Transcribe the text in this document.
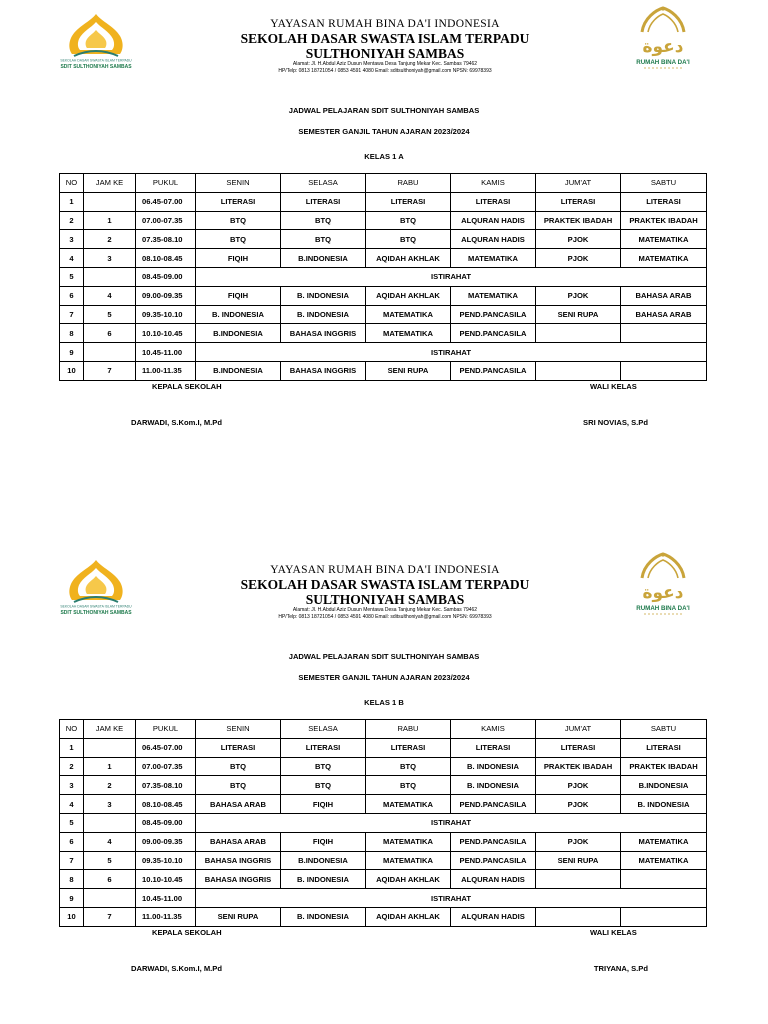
SEKOLAH DASAR SWASTA ISLAM TERPADU
SDIT SULTHONIYAH SAMBAS
YAYASAN RUMAH BINA DA'I INDONESIA
SEKOLAH DASAR SWASTA ISLAM TERPADU
SULTHONIYAH SAMBAS
Alamat: Jl. H.Abdul Aziz Dusun Mentawa Desa Tanjung Mekar Kec. Sambas 79462
HP/Telp: 0813 18721054 / 0853 4591 4080 Email: sditsulthoniyah@gmail.com NPSN: 69978393
دعوة
RUMAH BINA DA'I
JADWAL PELAJARAN SDIT SULTHONIYAH SAMBAS
SEMESTER GANJIL TAHUN AJARAN 2023/2024
KELAS 1 A
NO	JAM KE	PUKUL	SENIN	SELASA	RABU	KAMIS	JUM'AT	SABTU
1		06.45-07.00	LITERASI	LITERASI	LITERASI	LITERASI	LITERASI	LITERASI
2	1	07.00-07.35	BTQ	BTQ	BTQ	ALQURAN HADIS	PRAKTEK IBADAH	PRAKTEK IBADAH
3	2	07.35-08.10	BTQ	BTQ	BTQ	ALQURAN HADIS	PJOK	MATEMATIKA
4	3	08.10-08.45	FIQIH	B.INDONESIA	AQIDAH AKHLAK	MATEMATIKA	PJOK	MATEMATIKA
5		08.45-09.00	ISTIRAHAT					
6	4	09.00-09.35	FIQIH	B. INDONESIA	AQIDAH AKHLAK	MATEMATIKA	PJOK	BAHASA ARAB
7	5	09.35-10.10	B. INDONESIA	B. INDONESIA	MATEMATIKA	PEND.PANCASILA	SENI RUPA	BAHASA ARAB
8	6	10.10-10.45	B.INDONESIA	BAHASA INGGRIS	MATEMATIKA	PEND.PANCASILA		
9		10.45-11.00	ISTIRAHAT					
10	7	11.00-11.35	B.INDONESIA	BAHASA INGGRIS	SENI RUPA	PEND.PANCASILA		
KEPALA SEKOLAH	WALI KELAS
DARWADI, S.Kom.I, M.Pd	SRI NOVIAS, S.Pd
SEKOLAH DASAR SWASTA ISLAM TERPADU
SDIT SULTHONIYAH SAMBAS
YAYASAN RUMAH BINA DA'I INDONESIA
SEKOLAH DASAR SWASTA ISLAM TERPADU
SULTHONIYAH SAMBAS
Alamat: Jl. H.Abdul Aziz Dusun Mentawa Desa Tanjung Mekar Kec. Sambas 79462
HP/Telp: 0813 18721054 / 0853 4591 4080 Email: sditsulthoniyah@gmail.com NPSN: 69978393
دعوة
RUMAH BINA DA'I
JADWAL PELAJARAN SDIT SULTHONIYAH SAMBAS
SEMESTER GANJIL TAHUN AJARAN 2023/2024
KELAS 1 B
NO	JAM KE	PUKUL	SENIN	SELASA	RABU	KAMIS	JUM'AT	SABTU
1		06.45-07.00	LITERASI	LITERASI	LITERASI	LITERASI	LITERASI	LITERASI
2	1	07.00-07.35	BTQ	BTQ	BTQ	B. INDONESIA	PRAKTEK IBADAH	PRAKTEK IBADAH
3	2	07.35-08.10	BTQ	BTQ	BTQ	B. INDONESIA	PJOK	B.INDONESIA
4	3	08.10-08.45	BAHASA ARAB	FIQIH	MATEMATIKA	PEND.PANCASILA	PJOK	B. INDONESIA
5		08.45-09.00	ISTIRAHAT					
6	4	09.00-09.35	BAHASA ARAB	FIQIH	MATEMATIKA	PEND.PANCASILA	PJOK	MATEMATIKA
7	5	09.35-10.10	BAHASA INGGRIS	B.INDONESIA	MATEMATIKA	PEND.PANCASILA	SENI RUPA	MATEMATIKA
8	6	10.10-10.45	BAHASA INGGRIS	B. INDONESIA	AQIDAH AKHLAK	ALQURAN HADIS		
9		10.45-11.00	ISTIRAHAT					
10	7	11.00-11.35	SENI RUPA	B. INDONESIA	AQIDAH AKHLAK	ALQURAN HADIS		
KEPALA SEKOLAH	WALI KELAS
DARWADI, S.Kom.I, M.Pd	TRIYANA, S.Pd
